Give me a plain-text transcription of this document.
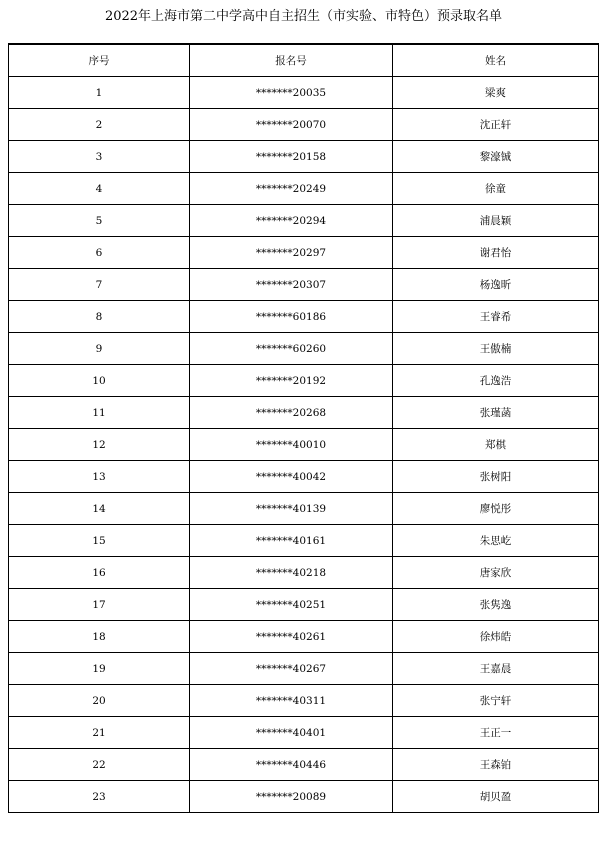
2022年上海市第二中学高中自主招生（市实验、市特色）预录取名单
序号	报名号	姓名
1	*******20035	梁爽
2	*******20070	沈正轩
3	*******20158	黎濠铖
4	*******20249	徐童
5	*******20294	浦晨颖
6	*******20297	谢君怡
7	*******20307	杨逸昕
8	*******60186	王睿希
9	*******60260	王傲楠
10	*******20192	孔逸浩
11	*******20268	张瑾菡
12	*******40010	郑棋
13	*******40042	张树阳
14	*******40139	廖悦彤
15	*******40161	朱思屹
16	*******40218	唐家欣
17	*******40251	张隽逸
18	*******40261	徐炜皓
19	*******40267	王嘉晨
20	*******40311	张宁轩
21	*******40401	王正一
22	*******40446	王森铂
23	*******20089	胡贝盈
